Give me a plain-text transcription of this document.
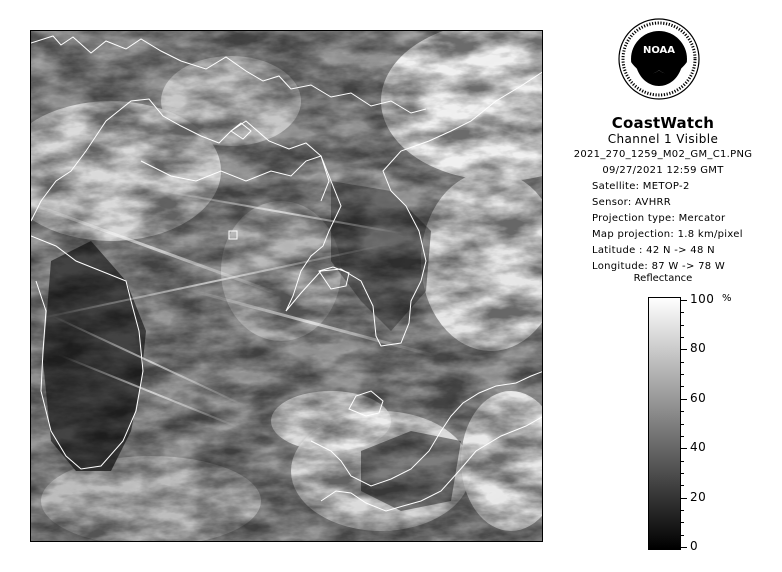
NOAA
CoastWatch
Channel 1 Visible
2021_270_1259_M02_GM_C1.PNG
09/27/2021 12:59 GMT
Satellite: METOP-2
Sensor: AVHRR
Projection type: Mercator
Map projection: 1.8 km/pixel
Latitude : 42 N -> 48 N
Longitude: 87 W -> 78 W
Reflectance
100
80
60
40
20
0
%
